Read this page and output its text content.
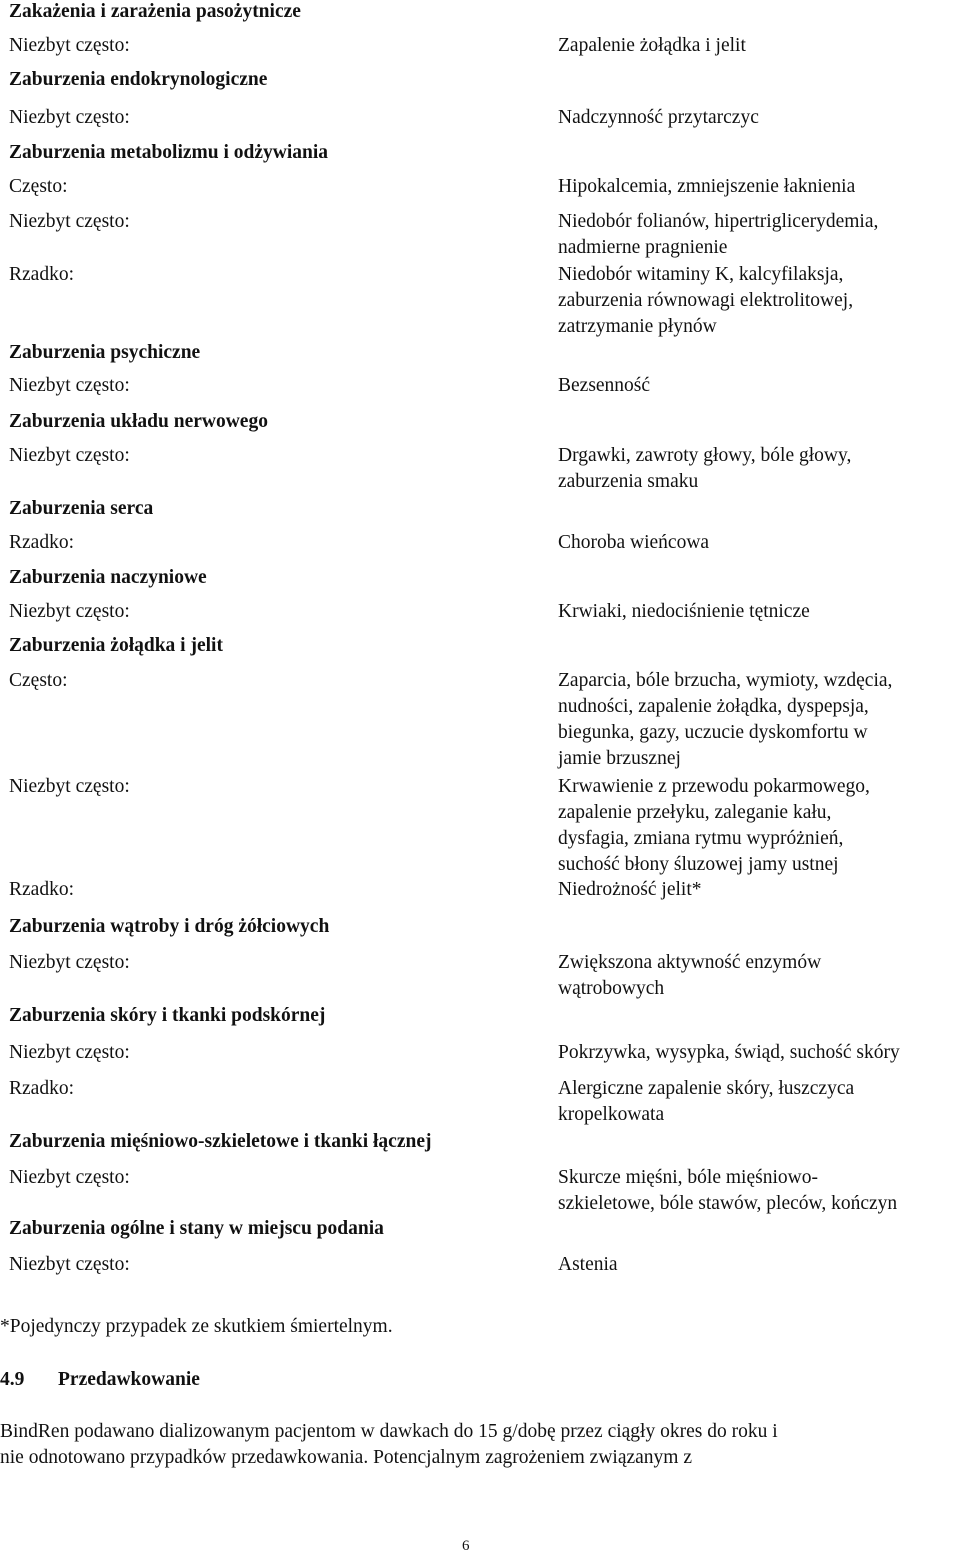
Zakażenia i zarażenia pasożytnicze
Niezbyt często:	Zapalenie żołądka i jelit
Zaburzenia endokrynologiczne
Niezbyt często:	Nadczynność przytarczyc
Zaburzenia metabolizmu i odżywiania
Często:	Hipokalcemia, zmniejszenie łaknienia
Niezbyt często:	Niedobór folianów, hipertriglicerydemia,
nadmierne pragnienie
Rzadko:	Niedobór witaminy K, kalcyfilaksja,
zaburzenia równowagi elektrolitowej,
zatrzymanie płynów
Zaburzenia psychiczne
Niezbyt często:	Bezsenność
Zaburzenia układu nerwowego
Niezbyt często:	Drgawki, zawroty głowy, bóle głowy,
zaburzenia smaku
Zaburzenia serca
Rzadko:	Choroba wieńcowa
Zaburzenia naczyniowe
Niezbyt często:	Krwiaki, niedociśnienie tętnicze
Zaburzenia żołądka i jelit
Często:	Zaparcia, bóle brzucha, wymioty, wzdęcia,
nudności, zapalenie żołądka, dyspepsja,
biegunka, gazy, uczucie dyskomfortu w
jamie brzusznej
Niezbyt często:	Krwawienie z przewodu pokarmowego,
zapalenie przełyku, zaleganie kału,
dysfagia, zmiana rytmu wypróżnień,
suchość błony śluzowej jamy ustnej
Rzadko:	Niedrożność jelit*
Zaburzenia wątroby i dróg żółciowych
Niezbyt często:	Zwiększona aktywność enzymów
wątrobowych
Zaburzenia skóry i tkanki podskórnej
Niezbyt często:	Pokrzywka, wysypka, świąd, suchość skóry
Rzadko:	Alergiczne zapalenie skóry, łuszczyca
kropelkowata
Zaburzenia mięśniowo-szkieletowe i tkanki łącznej
Niezbyt często:	Skurcze mięśni, bóle mięśniowo-
szkieletowe, bóle stawów, pleców, kończyn
Zaburzenia ogólne i stany w miejscu podania
Niezbyt często:	Astenia
*Pojedynczy przypadek ze skutkiem śmiertelnym.
4.9 Przedawkowanie
BindRen podawano dializowanym pacjentom w dawkach do 15 g/dobę przez ciągły okres do roku i
nie odnotowano przypadków przedawkowania. Potencjalnym zagrożeniem związanym z
6
